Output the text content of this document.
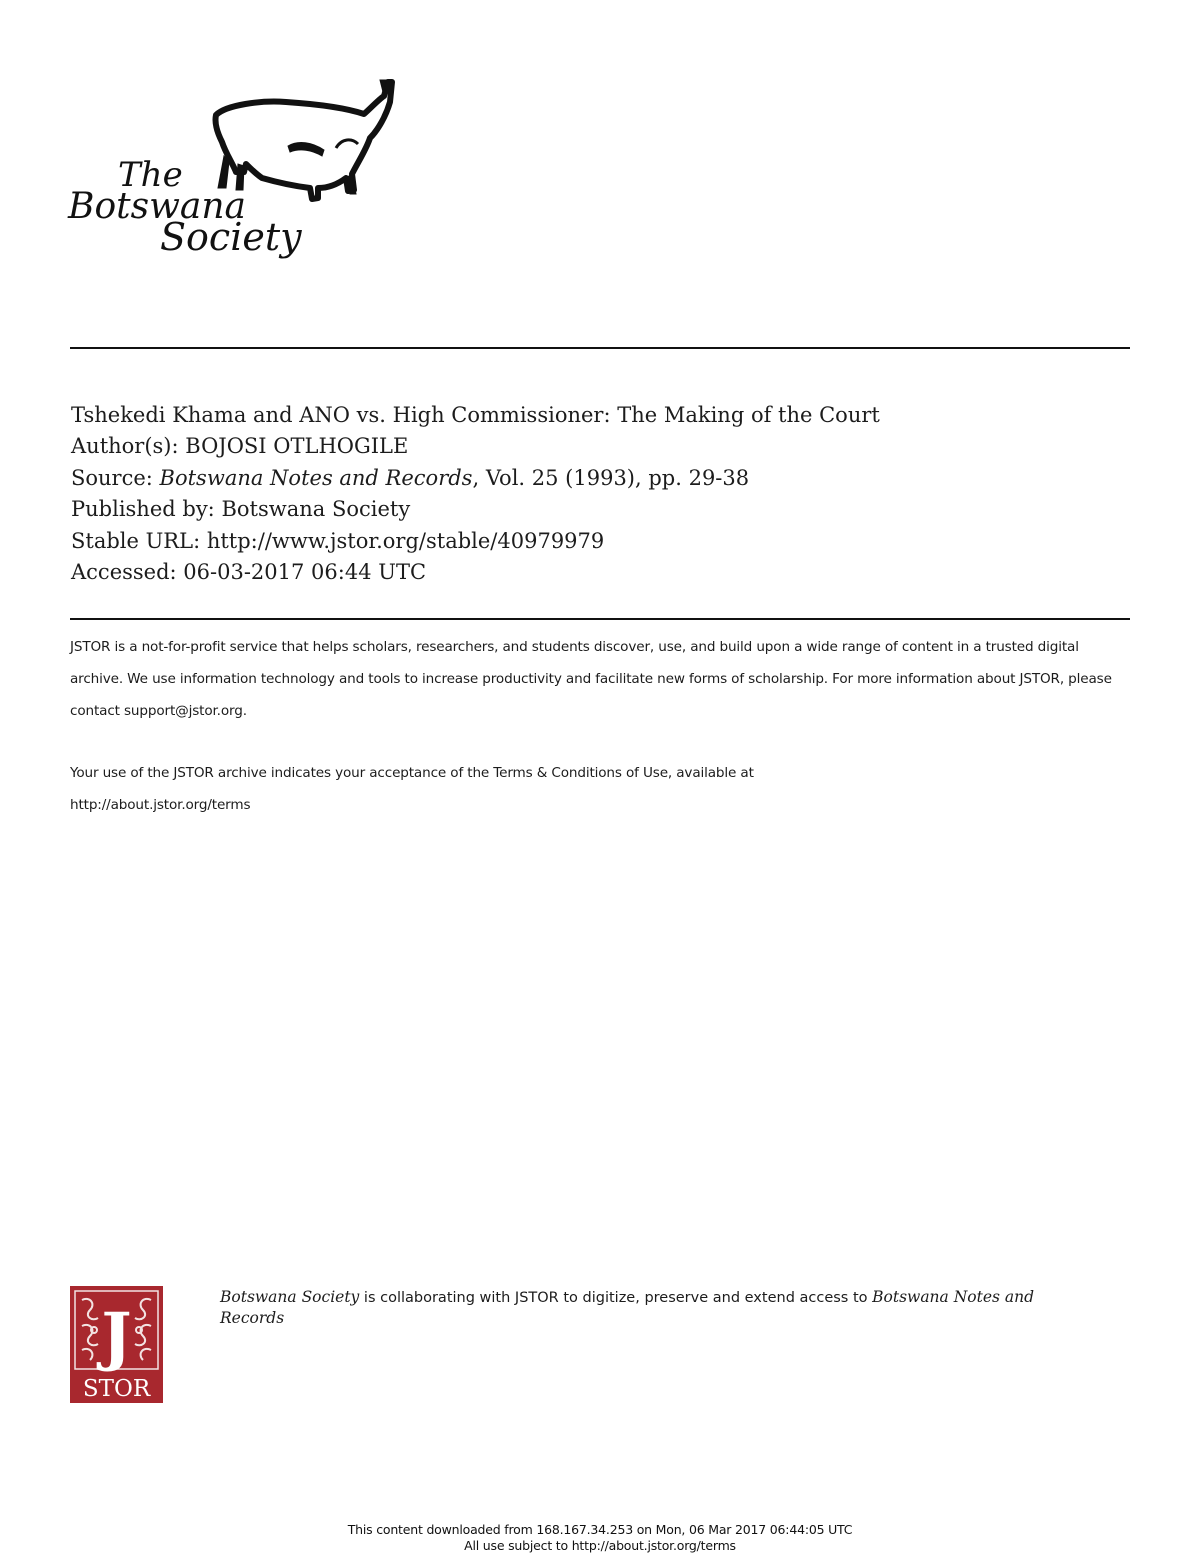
The
Botswana
Society
Tshekedi Khama and ANO vs. High Commissioner: The Making of the Court
Author(s): BOJOSI OTLHOGILE
Source: Botswana Notes and Records, Vol. 25 (1993), pp. 29-38
Published by: Botswana Society
Stable URL: http://www.jstor.org/stable/40979979
Accessed: 06-03-2017 06:44 UTC
JSTOR is a not-for-profit service that helps scholars, researchers, and students discover, use, and build upon a wide range of content in a trusted digital archive. We use information technology and tools to increase productivity and facilitate new forms of scholarship. For more information about JSTOR, please contact support@jstor.org.
Your use of the JSTOR archive indicates your acceptance of the Terms & Conditions of Use, available at
http://about.jstor.org/terms
J
STOR
Botswana Society is collaborating with JSTOR to digitize, preserve and extend access to Botswana Notes and Records
This content downloaded from 168.167.34.253 on Mon, 06 Mar 2017 06:44:05 UTC
All use subject to http://about.jstor.org/terms
